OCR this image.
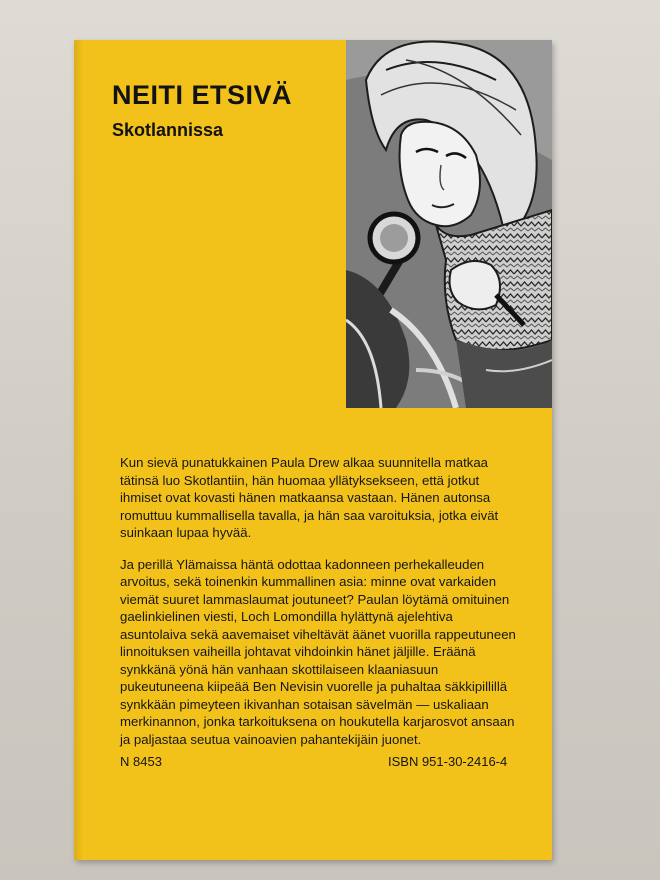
NEITI ETSIVÄ
Skotlannissa

Kun sievä punatukkainen Paula Drew alkaa suunnitella matkaa tätinsä luo Skotlantiin, hän huomaa yllätyksekseen, että jotkut ihmiset ovat kovasti hänen matkaansa vastaan. Hänen autonsa romuttuu kummallisella tavalla, ja hän saa varoituksia, jotka eivät suinkaan lupaa hyvää.

Ja perillä Ylämaissa häntä odottaa kadonneen perhekalleuden arvoitus, sekä toinenkin kummallinen asia: minne ovat varkaiden viemät suuret lammaslaumat joutuneet? Paulan löytämä omituinen gaelinkielinen viesti, Loch Lomondilla hylättynä ajelehtiva asuntolaiva sekä aavemaiset viheltävät äänet vuorilla rappeutuneen linnoituksen vaiheilla johtavat vihdoinkin hänet jäljille. Eräänä synkkänä yönä hän vanhaan skottilaiseen klaaniasuun pukeutuneena kiipeää Ben Nevisin vuorelle ja puhaltaa säkkipillillä synkkään pimeyteen ikivanhan sotaisan sävelmän — uskaliaan merkinannon, jonka tarkoituksena on houkutella karjarosvot ansaan ja paljastaa seutua vainoavien pahantekijäin juonet.

N 8453	ISBN 951-30-2416-4
